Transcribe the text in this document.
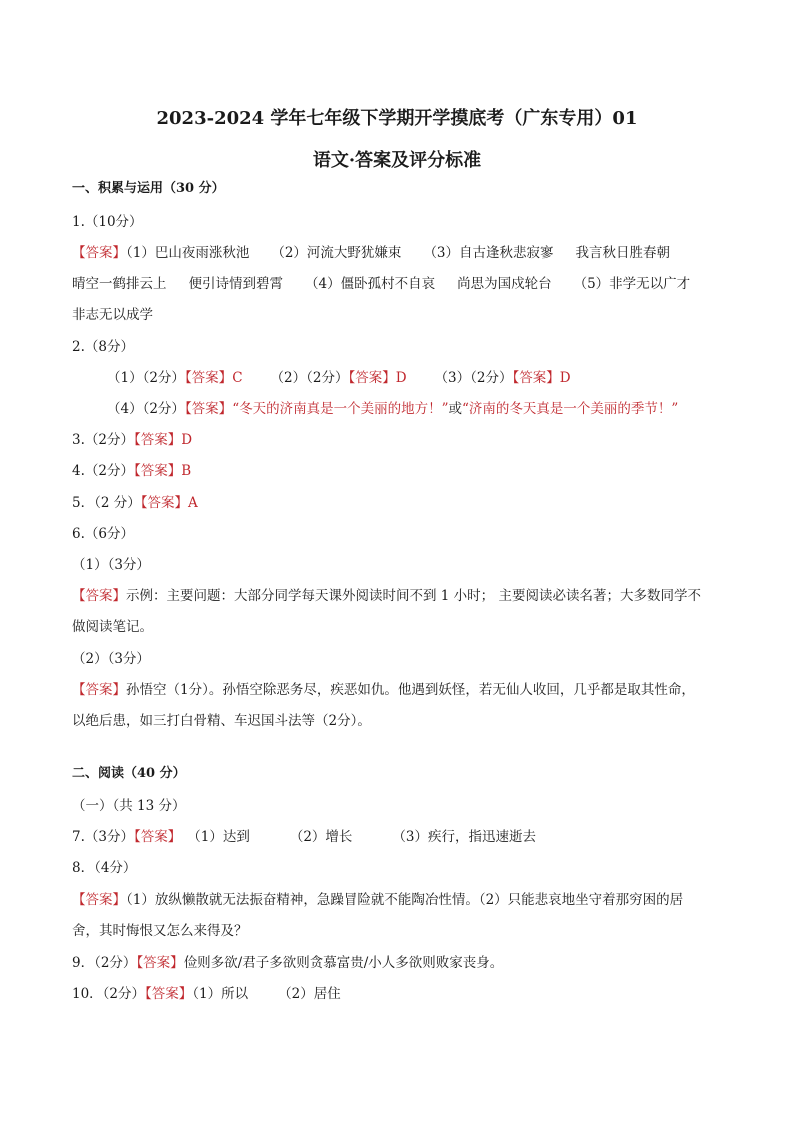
2023-2024 学年七年级下学期开学摸底考（广东专用）01
语文·答案及评分标准
一、积累与运用（30 分）
1.（10分）
【答案】（1）巴山夜雨涨秋池 （2）河流大野犹嫌束 （3）自古逢秋悲寂寥 我言秋日胜春朝
晴空一鹤排云上 便引诗情到碧霄 （4）僵卧孤村不自哀 尚思为国戍轮台 （5）非学无以广才
非志无以成学
2.（8分）
（1）（2分）【答案】C （2）（2分）【答案】D （3）（2分）【答案】D
（4）（2分）【答案】“冬天的济南真是一个美丽的地方！”或“济南的冬天真是一个美丽的季节！”
3.（2分）【答案】D
4.（2分）【答案】B
5．（2 分）【答案】A
6.（6分）
（1）（3分）
【答案】示例：主要问题：大部分同学每天课外阅读时间不到 1 小时； 主要阅读必读名著；大多数同学不
做阅读笔记。
（2）（3分）
【答案】孙悟空（1分）。孙悟空除恶务尽，疾恶如仇。他遇到妖怪，若无仙人收回，几乎都是取其性命，
以绝后患，如三打白骨精、车迟国斗法等（2分）。
二、阅读（40 分）
（一）（共 13 分）
7.（3分）【答案】 （1）达到	（2）增长	（3）疾行，指迅速逝去
8．（4分）
【答案】（1）放纵懒散就无法振奋精神，急躁冒险就不能陶冶性情。（2）只能悲哀地坐守着那穷困的居
舍，其时悔恨又怎么来得及？
9．（2分）【答案】俭则多欲/君子多欲则贪慕富贵/小人多欲则败家丧身。
10．（2分）【答案】（1）所以 （2）居住
